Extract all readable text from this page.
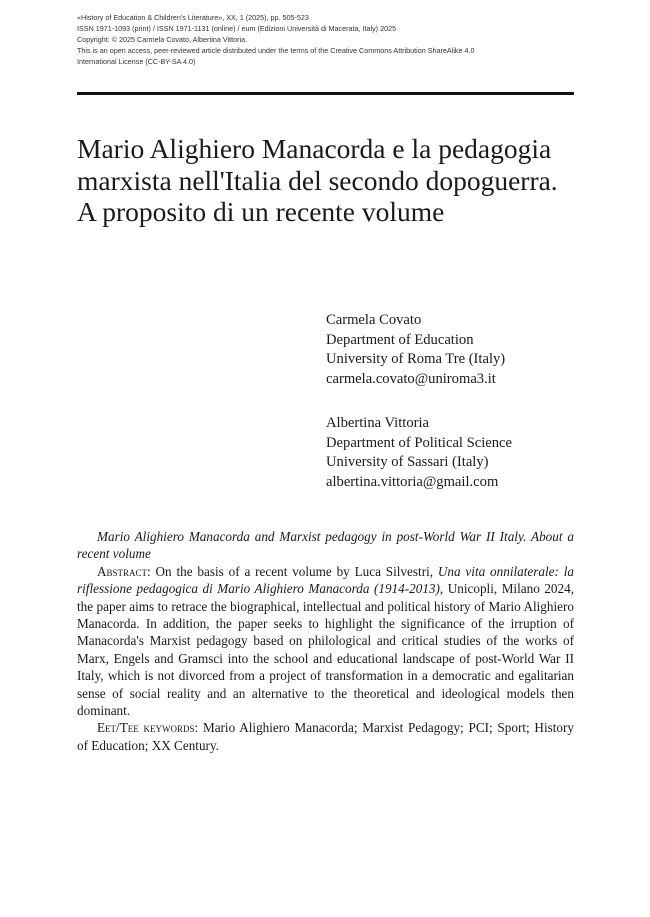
«History of Education & Children's Literature», XX, 1 (2025), pp. 505-523
ISSN 1971-1093 (print) / ISSN 1971-1131 (online) / eum (Edizioni Università di Macerata, Italy) 2025
Copyright: © 2025 Carmela Covato, Albertina Vittoria.
This is an open access, peer-reviewed article distributed under the terms of the Creative Commons Attribution ShareAlike 4.0
International License (CC-BY-SA 4.0)
Mario Alighiero Manacorda e la pedagogia marxista nell'Italia del secondo dopoguerra. A proposito di un recente volume
Carmela Covato
Department of Education
University of Roma Tre (Italy)
carmela.covato@uniroma3.it
Albertina Vittoria
Department of Political Science
University of Sassari (Italy)
albertina.vittoria@gmail.com

Mario Alighiero Manacorda and Marxist pedagogy in post-World War II Italy. About a recent volume

Abstract: On the basis of a recent volume by Luca Silvestri, Una vita onnilaterale: la riflessione pedagogica di Mario Alighiero Manacorda (1914-2013), Unicopli, Milano 2024, the paper aims to retrace the biographical, intellectual and political history of Mario Alighiero Manacorda. In addition, the paper seeks to highlight the significance of the irruption of Manacorda's Marxist pedagogy based on philological and critical studies of the works of Marx, Engels and Gramsci into the school and educational landscape of post-World War II Italy, which is not divorced from a project of transformation in a democratic and egalitarian sense of social reality and an alternative to the theoretical and ideological models then dominant.

Eet/Tee keywords: Mario Alighiero Manacorda; Marxist Pedagogy; PCI; Sport; History of Education; XX Century.
